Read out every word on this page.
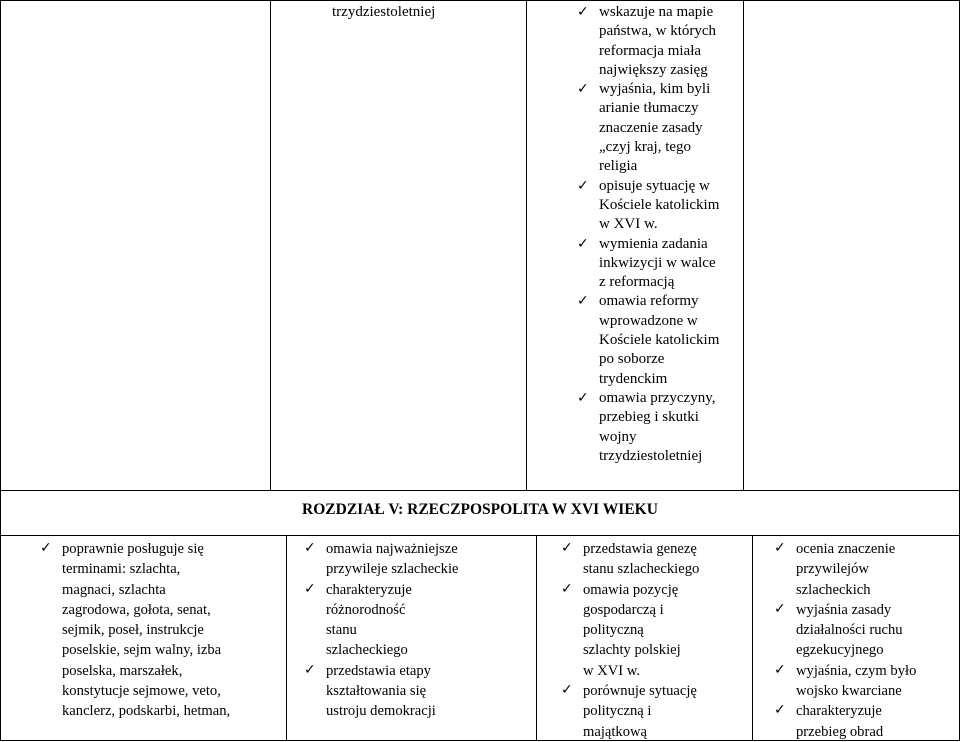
trzydziestoletniej	✓ wskazuje na mapie
państwa, w których
reformacja miała
największy zasięg
✓ wyjaśnia, kim byli
arianie tłumaczy
znaczenie zasady
„czyj kraj, tego
religia
✓ opisuje sytuację w
Kościele katolickim
w XVI w.
✓ wymienia zadania
inkwizycji w walce
z reformacją
✓ omawia reformy
wprowadzone w
Kościele katolickim
po soborze
trydenckim
✓ omawia przyczyny,
przebieg i skutki
wojny
trzydziestoletniej
ROZDZIAŁ V: RZECZPOSPOLITA W XVI WIEKU
✓ poprawnie posługuje się
terminami: szlachta,
magnaci, szlachta
zagrodowa, gołota, senat,
sejmik, poseł, instrukcje
poselskie, sejm walny, izba
poselska, marszałek,
konstytucje sejmowe, veto,
kanclerz, podskarbi, hetman,
✓ omawia najważniejsze
przywileje szlacheckie
✓ charakteryzuje
różnorodność
stanu
szlacheckiego
✓ przedstawia etapy
kształtowania się
ustroju demokracji
✓ przedstawia genezę
stanu szlacheckiego
✓ omawia pozycję
gospodarczą i
polityczną
szlachty polskiej
w XVI w.
✓ porównuje sytuację
polityczną i
majątkową
✓ ocenia znaczenie
przywilejów
szlacheckich
✓ wyjaśnia zasady
działalności ruchu
egzekucyjnego
✓ wyjaśnia, czym było
wojsko kwarciane
✓ charakteryzuje
przebieg obrad
